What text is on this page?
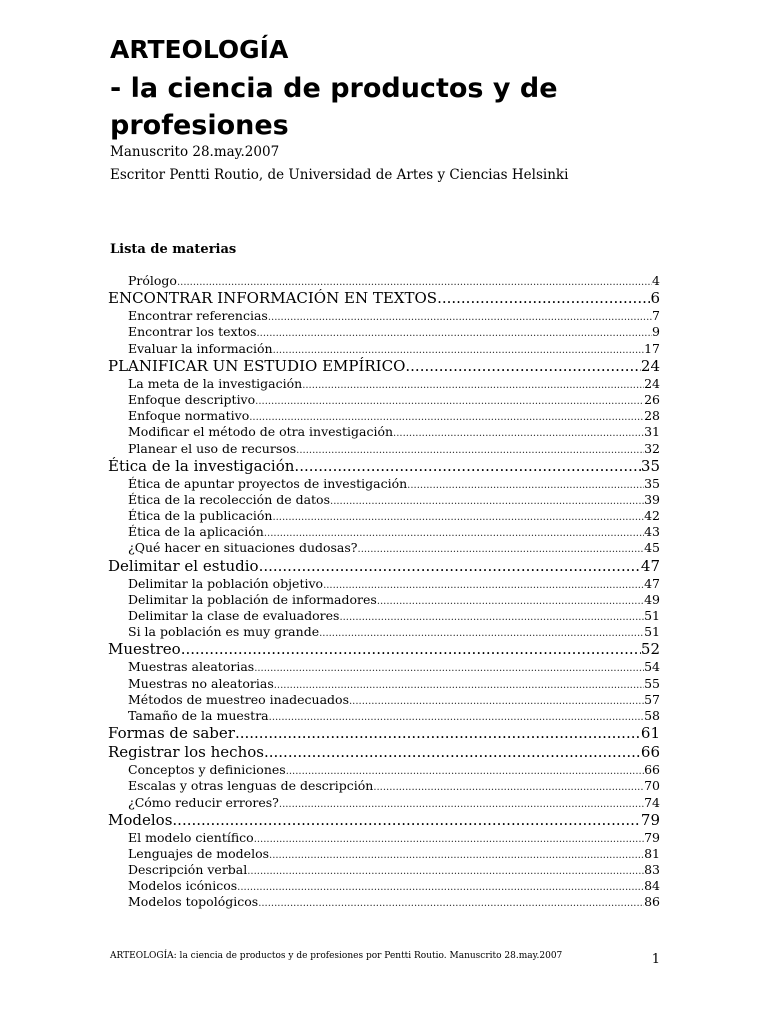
ARTEOLOGÍA
- la ciencia de productos y de profesiones
Manuscrito 28.may.2007
Escritor Pentti Routio, de Universidad de Artes y Ciencias Helsinki
Lista de materias
Prólogo .....	4
ENCONTRAR INFORMACIÓN EN TEXTOS .....	6
Encontrar referencias .....	7
Encontrar los textos .....	9
Evaluar la información .....	17
PLANIFICAR UN ESTUDIO EMPÍRICO .....	24
La meta de la investigación .....	24
Enfoque descriptivo .....	26
Enfoque normativo .....	28
Modificar el método de otra investigación .....	31
Planear el uso de recursos .....	32
Ética de la investigación .....	35
Ética de apuntar proyectos de investigación .....	35
Ética de la recolección de datos .....	39
Ética de la publicación .....	42
Ética de la aplicación .....	43
¿Qué hacer en situaciones dudosas? .....	45
Delimitar el estudio .....	47
Delimitar la población objetivo .....	47
Delimitar la población de informadores .....	49
Delimitar la clase de evaluadores .....	51
Si la población es muy grande .....	51
Muestreo .....	52
Muestras aleatorias .....	54
Muestras no aleatorias .....	55
Métodos de muestreo inadecuados .....	57
Tamaño de la muestra .....	58
Formas de saber .....	61
Registrar los hechos .....	66
Conceptos y definiciones .....	66
Escalas y otras lenguas de descripción .....	70
¿Cómo reducir errores? .....	74
Modelos .....	79
El modelo científico .....	79
Lenguajes de modelos .....	81
Descripción verbal .....	83
Modelos icónicos .....	84
Modelos topológicos .....	86
ARTEOLOGÍA: la ciencia de productos y de profesiones por Pentti Routio. Manuscrito 28.may.2007	1
